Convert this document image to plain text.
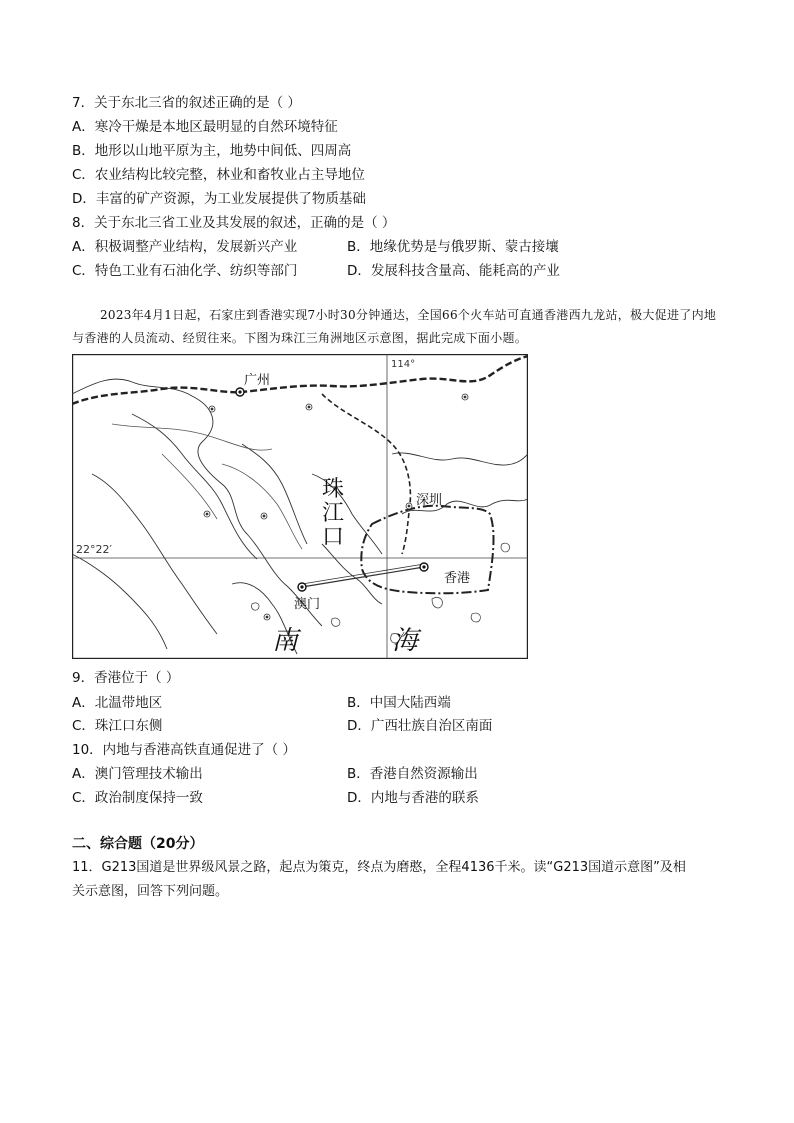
7．关于东北三省的叙述正确的是（ ）
A．寒冷干燥是本地区最明显的自然环境特征
B．地形以山地平原为主，地势中间低、四周高
C．农业结构比较完整，林业和畜牧业占主导地位
D．丰富的矿产资源，为工业发展提供了物质基础
8．关于东北三省工业及其发展的叙述，正确的是（ ）
A．积极调整产业结构，发展新兴产业	B．地缘优势是与俄罗斯、蒙古接壤
C．特色工业有石油化学、纺织等部门	D．发展科技含量高、能耗高的产业
2023年4月1日起，石家庄到香港实现7小时30分钟通达，全国66个火车站可直通香港西九龙站，极大促进了内地与香港的人员流动、经贸往来。下图为珠江三角洲地区示意图，据此完成下面小题。
广州
深圳
香港
澳门
珠
江
口
南	海
114°
22°22′
9．香港位于（ ）
A．北温带地区	B．中国大陆西端
C．珠江口东侧	D．广西壮族自治区南面
10．内地与香港高铁直通促进了（ ）
A．澳门管理技术输出	B．香港自然资源输出
C．政治制度保持一致	D．内地与香港的联系
二、综合题（20分）
11．G213国道是世界级风景之路，起点为策克，终点为磨憨，全程4136千米。读“G213国道示意图”及相
关示意图，回答下列问题。
